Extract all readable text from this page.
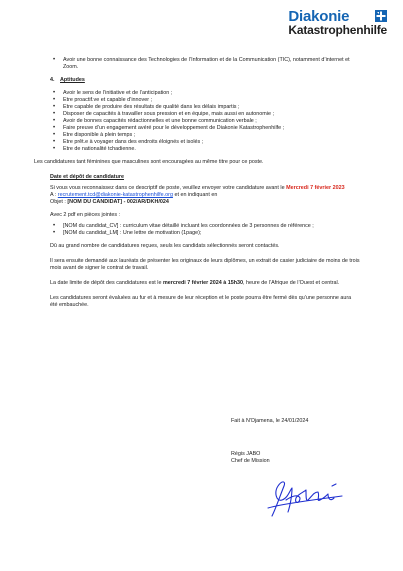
Diakonie
Katastrophenhilfe
• Avoir une bonne connaissance des Technologies de l’Information et de la Communication (TIC), notamment d’internet et Zoom.

4. Aptitudes

• Avoir le sens de l’initiative et de l’anticipation ;
• Etre proactif.ve et capable d’innover ;
• Etre capable de produire des résultats de qualité dans les délais impartis ;
• Disposer de capacités à travailler sous pression et en équipe, mais aussi en autonomie ;
• Avoir de bonnes capacités rédactionnelles et une bonne communication verbale ;
• Faire preuve d’un engagement avéré pour le développement de Diakonie Katastrophenhilfe ;
• Etre disponible à plein temps ;
• Etre prêt.e à voyager dans des endroits éloignés et isolés ;
• Etre de nationalité tchadienne.

Les candidatures tant féminines que masculines sont encouragées au même titre pour ce poste.

Date et dépôt de candidature

Si vous vous reconnaissez dans ce descriptif de poste, veuillez envoyer votre candidature avant le Mercredi 7 février 2023

A : recrutement.tcd@diakonie-katastrophenhilfe.org et en indiquant en

Objet : [NOM DU CANDIDAT] - 002/AR/DKH/024

Avec 2 pdf en pièces jointes :

• [NOM du candidat_CV] : curriculum vitae détaillé incluant les coordonnées de 3 personnes de référence ;
• [NOM du candidat_LM] : Une lettre de motivation (1page);

Dû au grand nombre de candidatures reçues, seuls les candidats sélectionnés seront contactés.

Il sera ensuite demandé aux lauréats de présenter les originaux de leurs diplômes, un extrait de casier judiciaire de moins de trois mois avant de signer le contrat de travail.

La date limite de dépôt des candidatures est le mercredi 7 février 2024 à 15h30, heure de l’Afrique de l’Ouest et central.

Les candidatures seront évaluées au fur et à mesure de leur réception et le poste pourra être fermé dès qu’une personne aura été embauchée.

Fait à N’Djamena, le 24/01/2024

Régis JABO

Chef de Mission
